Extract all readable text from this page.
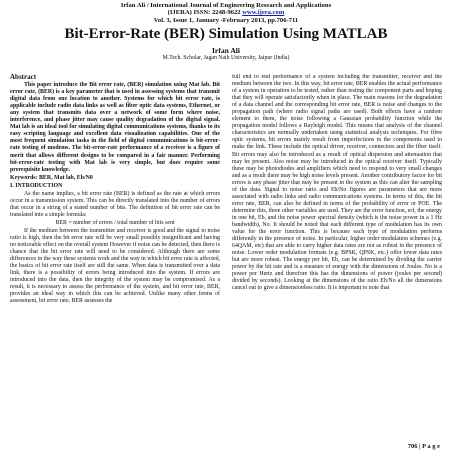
Irfan Ali / International Journal of Engineering Research and Applications
(IJERA) ISSN: 2248-9622 www.ijera.com
Vol. 3, Issue 1, January -February 2013, pp.706-711
Bit-Error-Rate (BER) Simulation Using MATLAB
Irfan Ali
M.Tech. Scholar, Jagan Nath University, Jaipur (India)
Abstract

This paper introduce the Bit error rate, (BER) simulation using Mat lab. Bit error rate, (BER) is a key parameter that is used in assessing systems that transmit digital data from one location to another. Systems for which bit error rate, is applicable include radio data links as well as fiber optic data systems, Ethernet, or any system that transmits data over a network of some form where noise, interference, and phase jitter may cause quality degradation of the digital signal. Mat lab is an ideal tool for simulating digital communications systems, thanks to its easy scripting language and excellent data visualization capabilities. One of the most frequent simulation tasks in the field of digital communications is bit-error-rate testing of modems. The bit-error-rate performance of a receiver is a figure of merit that allows different designs to be compared in a fair manner. Performing bit-error-rate testing with Mat lab is very simple, but does require some prerequisite knowledge.

Keywords: BER, Mat lab, Eb/N0

I. INTRODUCTION

As the name implies, a bit error rate (BER) is defined as the rate at which errors occur in a transmission system. This can be directly translated into the number of errors that occur in a string of a stated number of bits. The definition of bit error rate can be translated into a simple formula:

BER = number of errors / total number of bits sent

If the medium between the transmitter and receiver is good and the signal to noise ratio is high, then the bit error rate will be very small possibly insignificant and having no noticeable effect on the overall system However if noise can be detected, then there is chance that the bit error rate will need to be considered. Although there are some differences in the way these systems work and the way in which bit error rate is affected, the basics of bit error rate itself are still the same. When data is transmitted over a data link, there is a possibility of errors being introduced into the system. If errors are introduced into the data, then the integrity of the system may be compromised. As a result, it is necessary to assess the performance of the system, and bit error rate, BER, provides an ideal way in which this can be achieved. Unlike many other forms of assessment, bit error rate, BER assesses the

full end to end performance of a system including the transmitter, receiver and the medium between the two. In this way, bit error rate, BER enables the actual performance of a system in operation to be tested, rather than testing the component parts and hoping that they will operate satisfactorily when in place. The main reasons for the degradation of a data channel and the corresponding bit error rate, BER is noise and changes to the propagation path (where radio signal paths are used). Both effects have a random element to them, the noise following a Gaussian probability function while the propagation model follows a Rayleigh model. This means that analysis of the channel characteristics are normally undertaken using statistical analysis techniques. For fibre optic systems, bit errors mainly result from imperfections in the components used to make the link. These include the optical driver, receiver, connectors and the fiber itself. Bit errors may also be introduced as a result of optical dispersion and attenuation that may be present. Also noise may be introduced in the optical receiver itself. Typically these may be photodiodes and amplifiers which need to respond to very small changes and as a result there may be high noise levels present. Another contributory factor for bit errors is any phase jitter that may be present in the system as this can alter the sampling of the data. Signal to noise ratio and Eb/No figures are parameters that are more associated with radio links and radio communications systems. In terms of this, the bit error rate, BER, can also be defined in terms of the probability of error or POE. The determine this, three other variables are used. They are the error function, erf, the energy in one bit, Eb, and the noise power spectral density (which is the noise power in a 1 Hz bandwidth), No. It should be noted that each different type of modulation has its own value for the error function. This is because each type of modulation performs differently in the presence of noise. In particular, higher order modulation schemes (e.g. 64QAM, etc) that are able to carry higher data rates are not as robust in the presence of noise. Lower order modulation formats (e.g. BPSK, QPSK, etc.) offer lower data rates but are more robust. The energy per bit, Eb, can be determined by dividing the carrier power by the bit rate and is a measure of energy with the dimensions of Joules. No is a power per Hertz and therefore this has the dimensions of power (joules per second) divided by seconds). Looking at the dimensions of the ratio Eb/No all the dimensions cancel out to give a dimensionless ratio. It is important to note that

706 | P a g e
